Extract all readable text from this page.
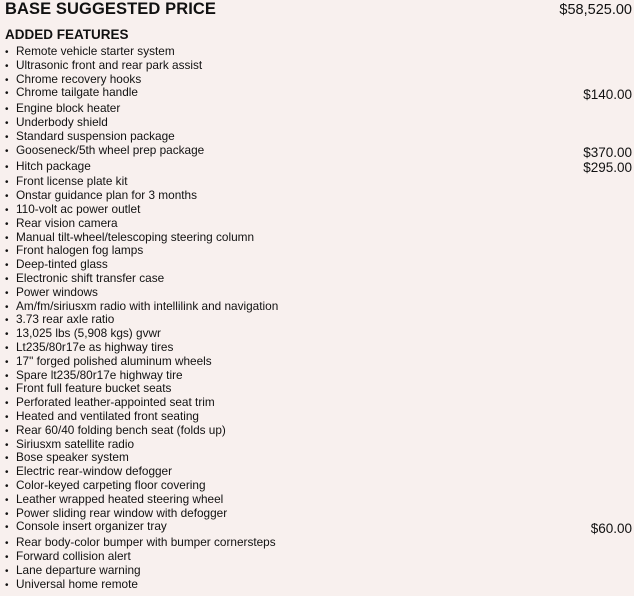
BASE SUGGESTED PRICE	$58,525.00
ADDED FEATURES
• Remote vehicle starter system
• Ultrasonic front and rear park assist
• Chrome recovery hooks
• Chrome tailgate handle	$140.00
• Engine block heater
• Underbody shield
• Standard suspension package
• Gooseneck/5th wheel prep package	$370.00
• Hitch package	$295.00
• Front license plate kit
• Onstar guidance plan for 3 months
• 110-volt ac power outlet
• Rear vision camera
• Manual tilt-wheel/telescoping steering column
• Front halogen fog lamps
• Deep-tinted glass
• Electronic shift transfer case
• Power windows
• Am/fm/siriusxm radio with intellilink and navigation
• 3.73 rear axle ratio
• 13,025 lbs (5,908 kgs) gvwr
• Lt235/80r17e as highway tires
• 17" forged polished aluminum wheels
• Spare lt235/80r17e highway tire
• Front full feature bucket seats
• Perforated leather-appointed seat trim
• Heated and ventilated front seating
• Rear 60/40 folding bench seat (folds up)
• Siriusxm satellite radio
• Bose speaker system
• Electric rear-window defogger
• Color-keyed carpeting floor covering
• Leather wrapped heated steering wheel
• Power sliding rear window with defogger
• Console insert organizer tray	$60.00
• Rear body-color bumper with bumper cornersteps
• Forward collision alert
• Lane departure warning
• Universal home remote
